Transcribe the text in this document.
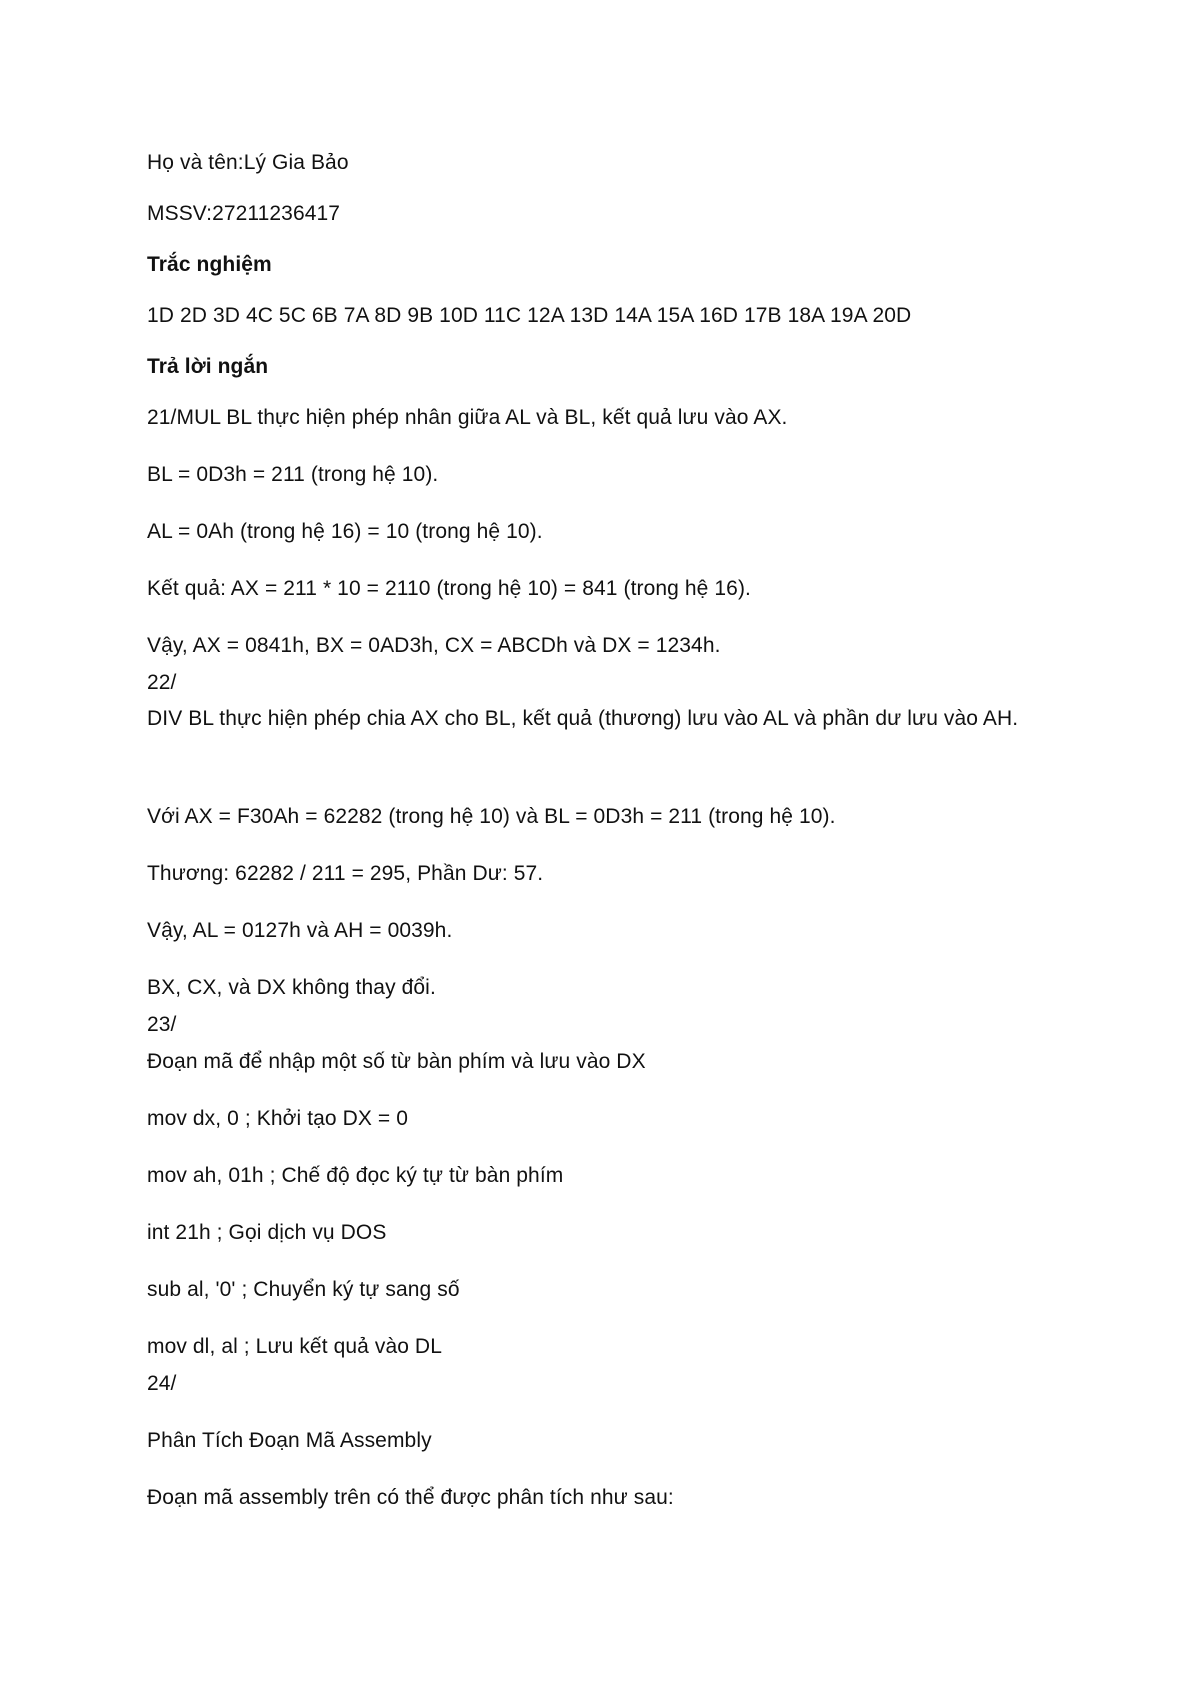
Họ và tên:Lý Gia Bảo
MSSV:27211236417
Trắc nghiệm
1D 2D 3D 4C 5C 6B 7A 8D 9B 10D 11C 12A 13D 14A 15A 16D 17B 18A 19A 20D
Trả lời ngắn
21/MUL BL thực hiện phép nhân giữa AL và BL, kết quả lưu vào AX.
BL = 0D3h = 211 (trong hệ 10).
AL = 0Ah (trong hệ 16) = 10 (trong hệ 10).
Kết quả: AX = 211 * 10 = 2110 (trong hệ 10) = 841 (trong hệ 16).
Vậy, AX = 0841h, BX = 0AD3h, CX = ABCDh và DX = 1234h.
22/
DIV BL thực hiện phép chia AX cho BL, kết quả (thương) lưu vào AL và phần dư lưu vào AH.
Với AX = F30Ah = 62282 (trong hệ 10) và BL = 0D3h = 211 (trong hệ 10).
Thương: 62282 / 211 = 295, Phần Dư: 57.
Vậy, AL = 0127h và AH = 0039h.
BX, CX, và DX không thay đổi.
23/
Đoạn mã để nhập một số từ bàn phím và lưu vào DX
mov dx, 0 ; Khởi tạo DX = 0
mov ah, 01h ; Chế độ đọc ký tự từ bàn phím
int 21h ; Gọi dịch vụ DOS
sub al, '0' ; Chuyển ký tự sang số
mov dl, al ; Lưu kết quả vào DL
24/
Phân Tích Đoạn Mã Assembly
Đoạn mã assembly trên có thể được phân tích như sau:
